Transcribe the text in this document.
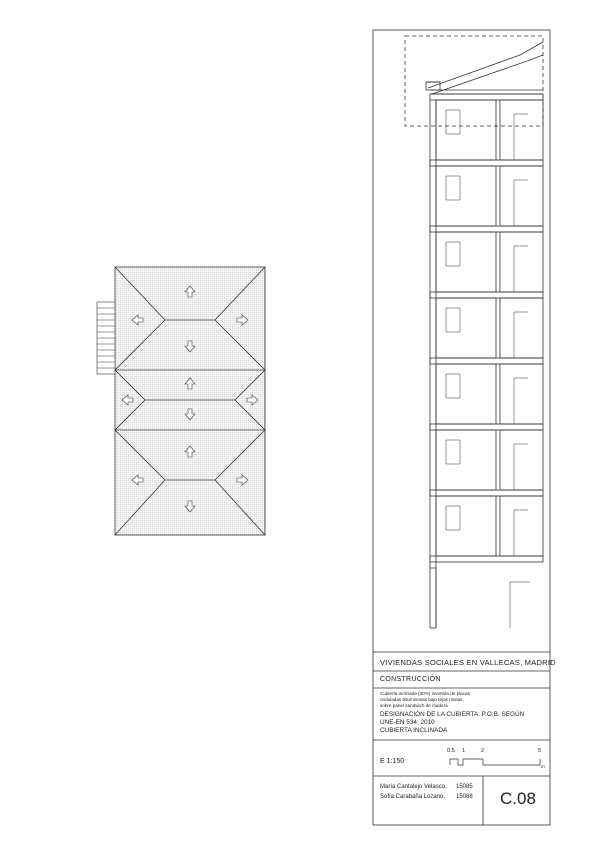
VIVIENDAS SOCIALES EN VALLECAS, MADRID
CONSTRUCCIÓN
Cubierta inclinada (30%) invertida de placas
onduladas bituminosas bajo tejas mixtas,
sobre panel sandwich de madera
DESIGNACIÓN DE LA CUBIERTA: P.O.B. SEGÚN
UNE-EN 534: 2010
CUBIERTA INCLINADA
E 1:150
0.5 1	2	5
m
María Cantalejo Velasco. 15085
Sofía Carabaña Lozano. 15088 C.08
